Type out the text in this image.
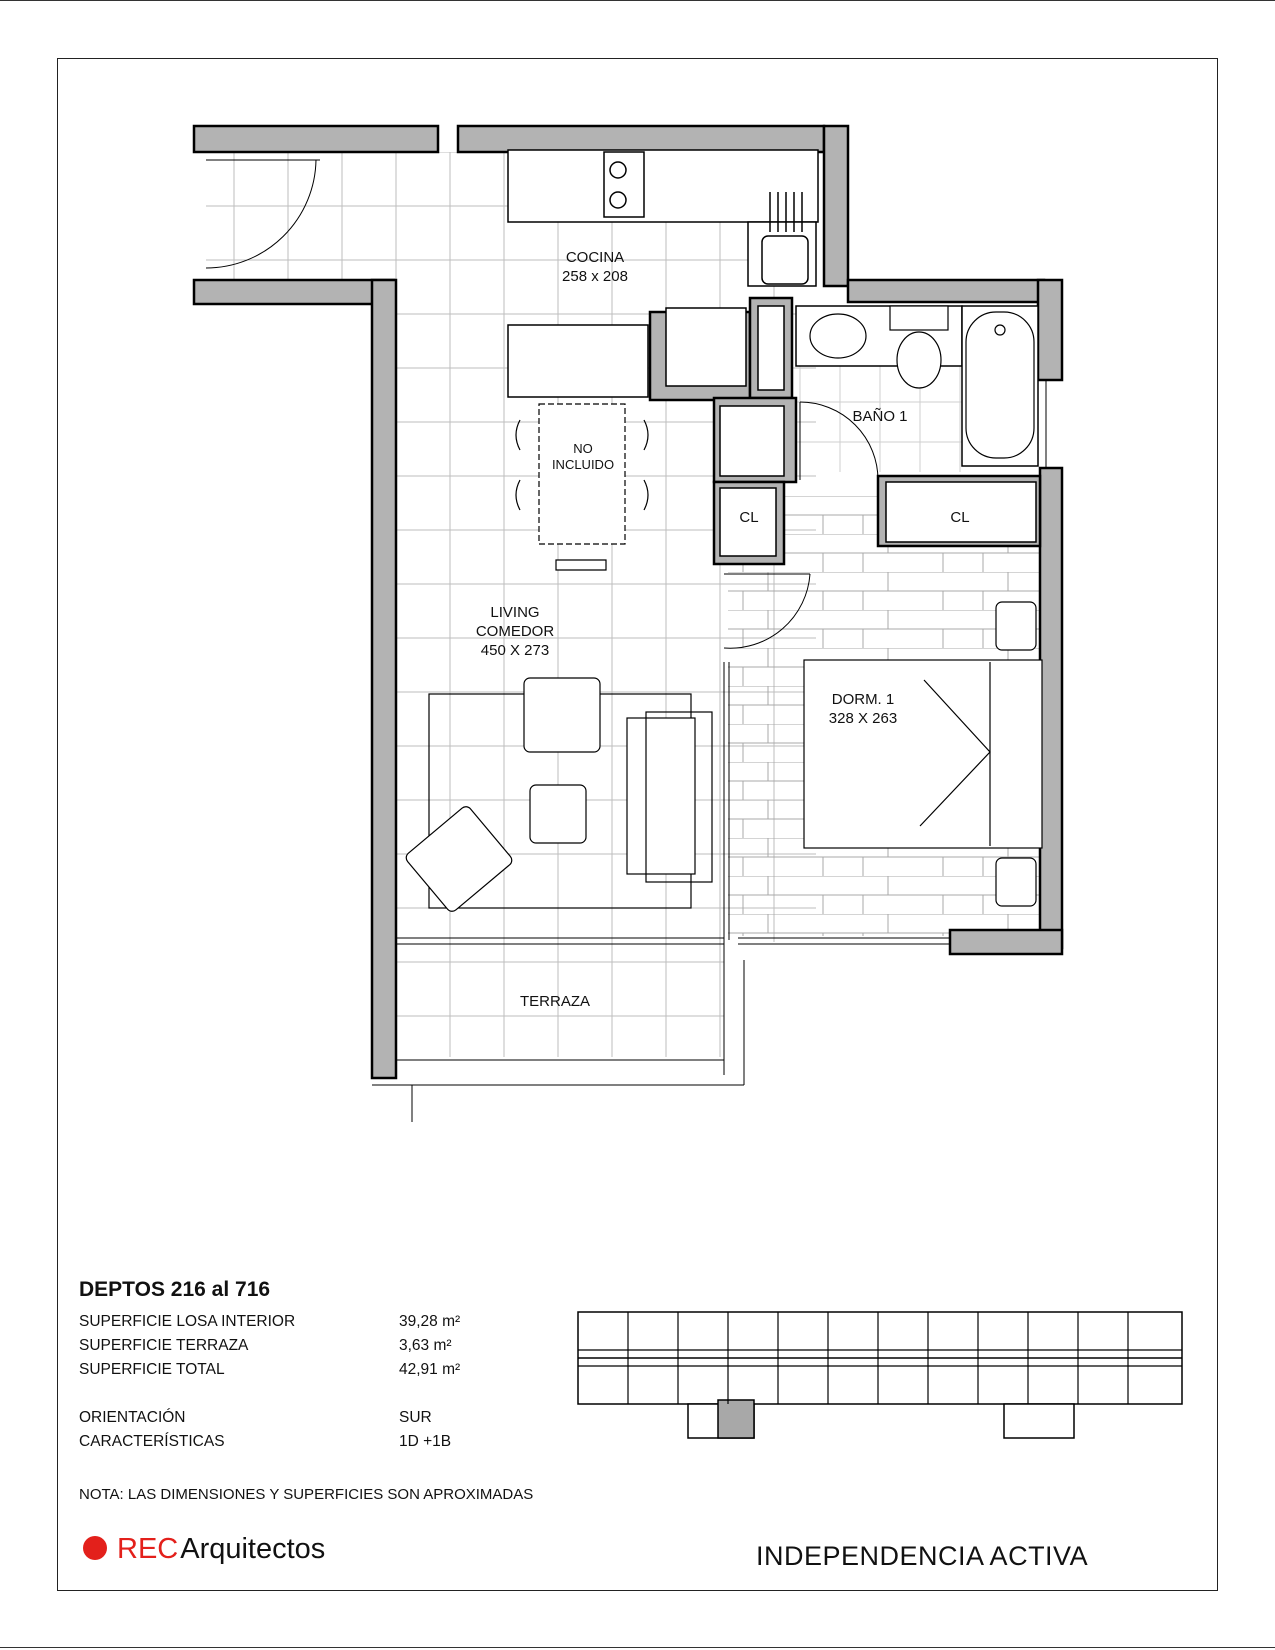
COCINA
258 x 208
LIVING
COMEDOR
450 X 273
NO
INCLUIDO
BAÑO 1
CL	CL
DORM. 1
328 X 263
TERRAZA
DEPTOS 216 al 716
SUPERFICIE LOSA INTERIOR	39,28 m²
SUPERFICIE TERRAZA	3,63 m²
SUPERFICIE TOTAL	42,91 m²
ORIENTACIÓN	SUR
CARACTERÍSTICAS	1D +1B
NOTA: LAS DIMENSIONES Y SUPERFICIES SON APROXIMADAS
RECArquitectos	INDEPENDENCIA ACTIVA
